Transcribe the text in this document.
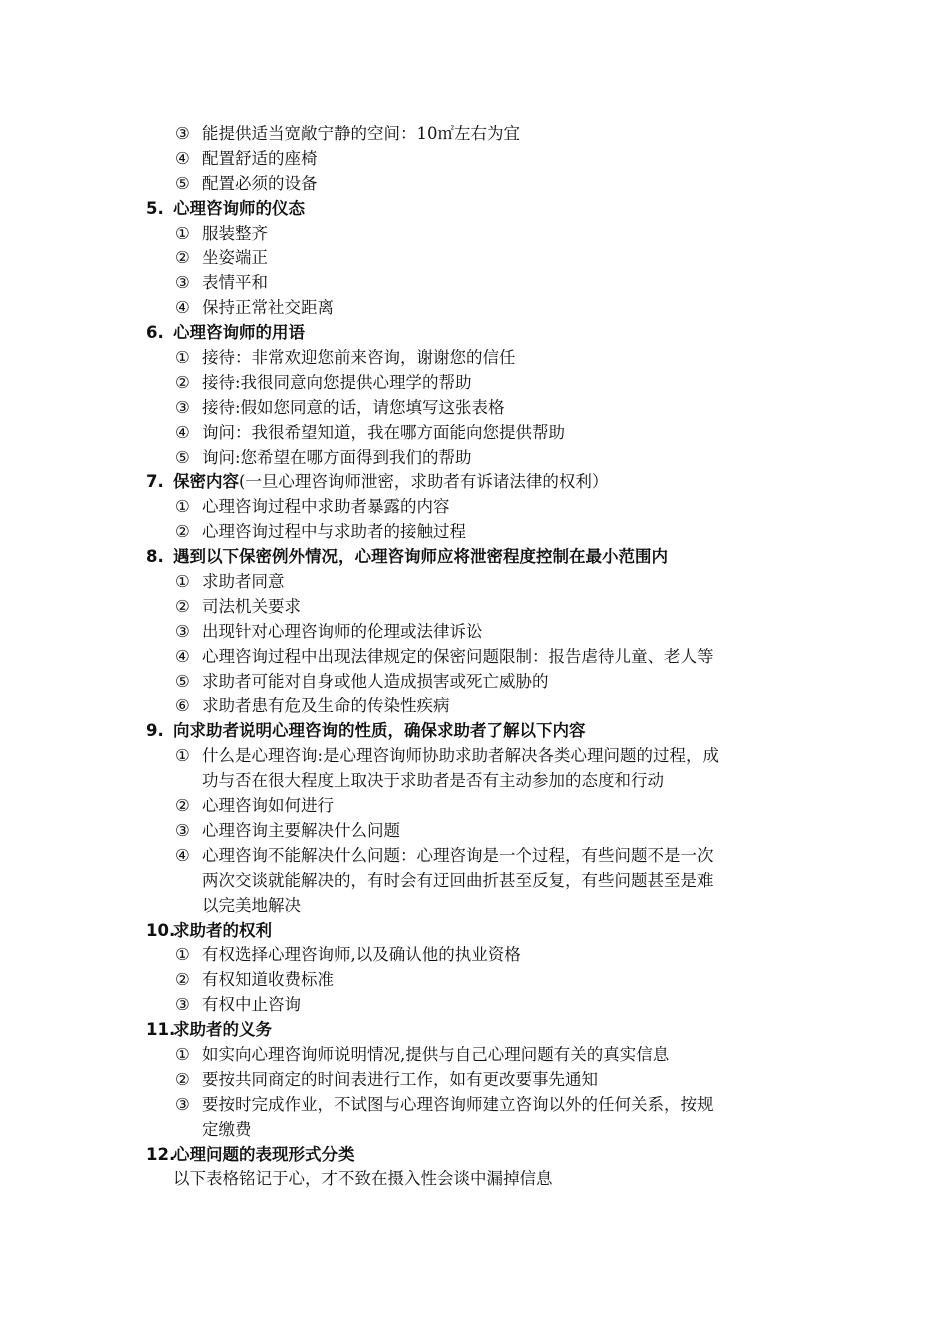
③ 能提供适当宽敞宁静的空间：10㎡左右为宜
④ 配置舒适的座椅
⑤ 配置必须的设备
5. 心理咨询师的仪态
① 服装整齐
② 坐姿端正
③ 表情平和
④ 保持正常社交距离
6. 心理咨询师的用语
① 接待：非常欢迎您前来咨询，谢谢您的信任
② 接待:我很同意向您提供心理学的帮助
③ 接待:假如您同意的话，请您填写这张表格
④ 询问：我很希望知道，我在哪方面能向您提供帮助
⑤ 询问:您希望在哪方面得到我们的帮助
7. 保密内容(一旦心理咨询师泄密，求助者有诉诸法律的权利）
① 心理咨询过程中求助者暴露的内容
② 心理咨询过程中与求助者的接触过程
8. 遇到以下保密例外情况，心理咨询师应将泄密程度控制在最小范围内
① 求助者同意
② 司法机关要求
③ 出现针对心理咨询师的伦理或法律诉讼
④ 心理咨询过程中出现法律规定的保密问题限制：报告虐待儿童、老人等
⑤ 求助者可能对自身或他人造成损害或死亡威胁的
⑥ 求助者患有危及生命的传染性疾病
9. 向求助者说明心理咨询的性质，确保求助者了解以下内容
① 什么是心理咨询:是心理咨询师协助求助者解决各类心理问题的过程，成
功与否在很大程度上取决于求助者是否有主动参加的态度和行动
② 心理咨询如何进行
③ 心理咨询主要解决什么问题
④ 心理咨询不能解决什么问题：心理咨询是一个过程，有些问题不是一次
两次交谈就能解决的，有时会有迂回曲折甚至反复，有些问题甚至是难
以完美地解决
10.
求助者的权利
① 有权选择心理咨询师,以及确认他的执业资格
② 有权知道收费标准
③ 有权中止咨询
11.
求助者的义务
① 如实向心理咨询师说明情况,提供与自己心理问题有关的真实信息
② 要按共同商定的时间表进行工作，如有更改要事先通知
③ 要按时完成作业，不试图与心理咨询师建立咨询以外的任何关系，按规
定缴费
12.
心理问题的表现形式分类
以下表格铭记于心，才不致在摄入性会谈中漏掉信息
